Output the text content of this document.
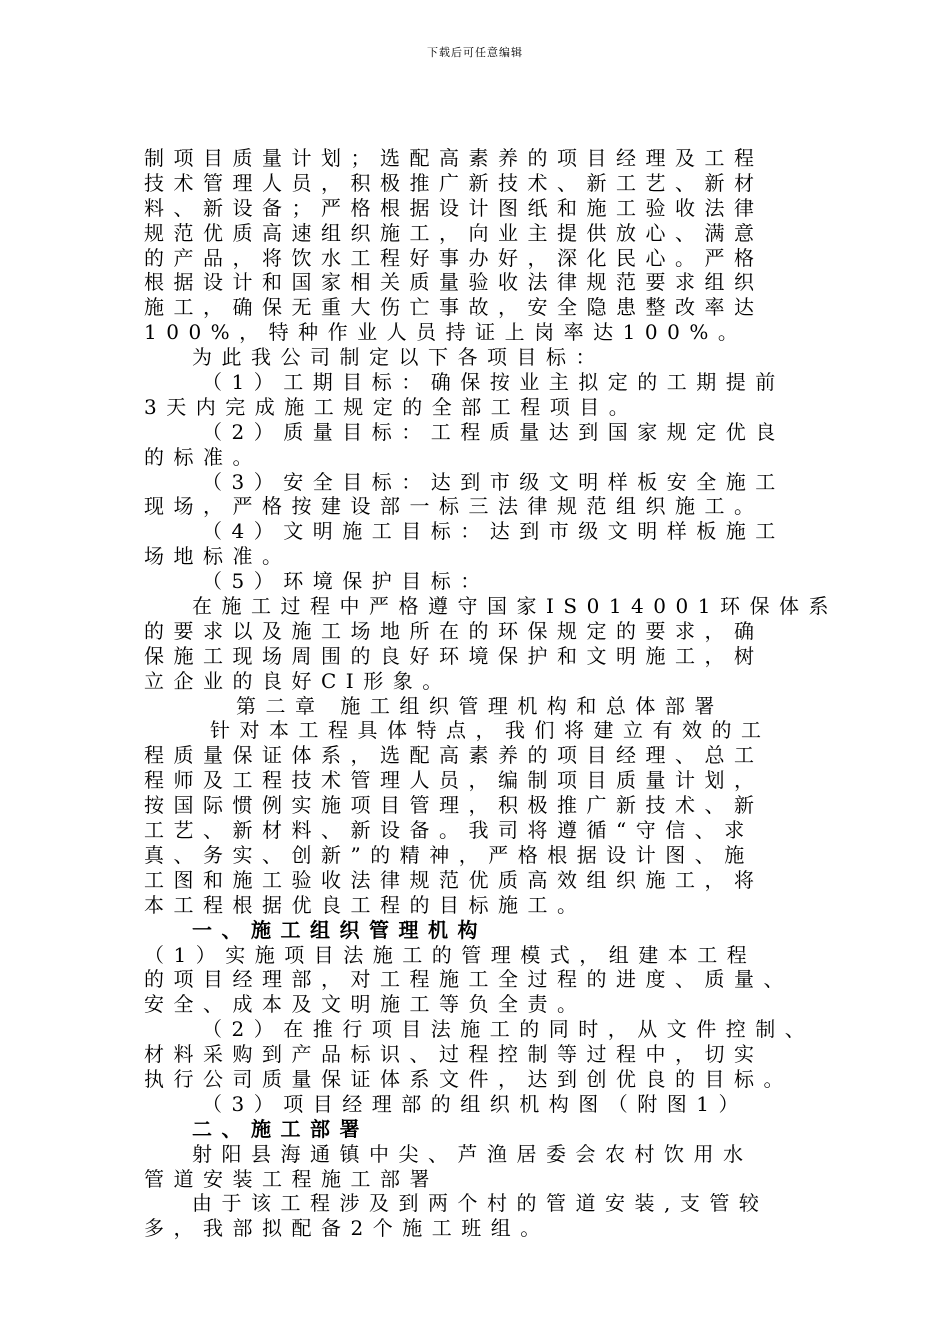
下载后可任意编辑
制项目质量计划；选配高素养的项目经理及工程
技术管理人员，积极推广新技术、新工艺、新材
料、新设备；严格根据设计图纸和施工验收法律
规范优质高速组织施工，向业主提供放心、满意
的产品，将饮水工程好事办好，深化民心。严格
根据设计和国家相关质量验收法律规范要求组织
施工，确保无重大伤亡事故，安全隐患整改率达
100%，特种作业人员持证上岗率达100%。
为此我公司制定以下各项目标：
（1）工期目标：确保按业主拟定的工期提前
3天内完成施工规定的全部工程项目。
（2）质量目标：工程质量达到国家规定优良
的标准。
（3）安全目标：达到市级文明样板安全施工
现场，严格按建设部一标三法律规范组织施工。
（4）文明施工目标：达到市级文明样板施工
场地标准。
（5）环境保护目标：
在施工过程中严格遵守国家IS014001环保体系
的要求以及施工场地所在的环保规定的要求，确
保施工现场周围的良好环境保护和文明施工，树
立企业的良好CI形象。
第二章 施工组织管理机构和总体部署
针对本工程具体特点，我们将建立有效的工
程质量保证体系，选配高素养的项目经理、总工
程师及工程技术管理人员，编制项目质量计划，
按国际惯例实施项目管理，积极推广新技术、新
工艺、新材料、新设备。我司将遵循“守信、求
真、务实、创新”的精神，严格根据设计图、施
工图和施工验收法律规范优质高效组织施工，将
本工程根据优良工程的目标施工。
一、施工组织管理机构
（1）实施项目法施工的管理模式，组建本工程
的项目经理部，对工程施工全过程的进度、质量、
安全、成本及文明施工等负全责。
（2）在推行项目法施工的同时，从文件控制、
材料采购到产品标识、过程控制等过程中，切实
执行公司质量保证体系文件，达到创优良的目标。
（3）项目经理部的组织机构图（附图1）
二、施工部署
射阳县海通镇中尖、芦渔居委会农村饮用水
管道安装工程施工部署
由于该工程涉及到两个村的管道安装,支管较
多，我部拟配备2个施工班组。
